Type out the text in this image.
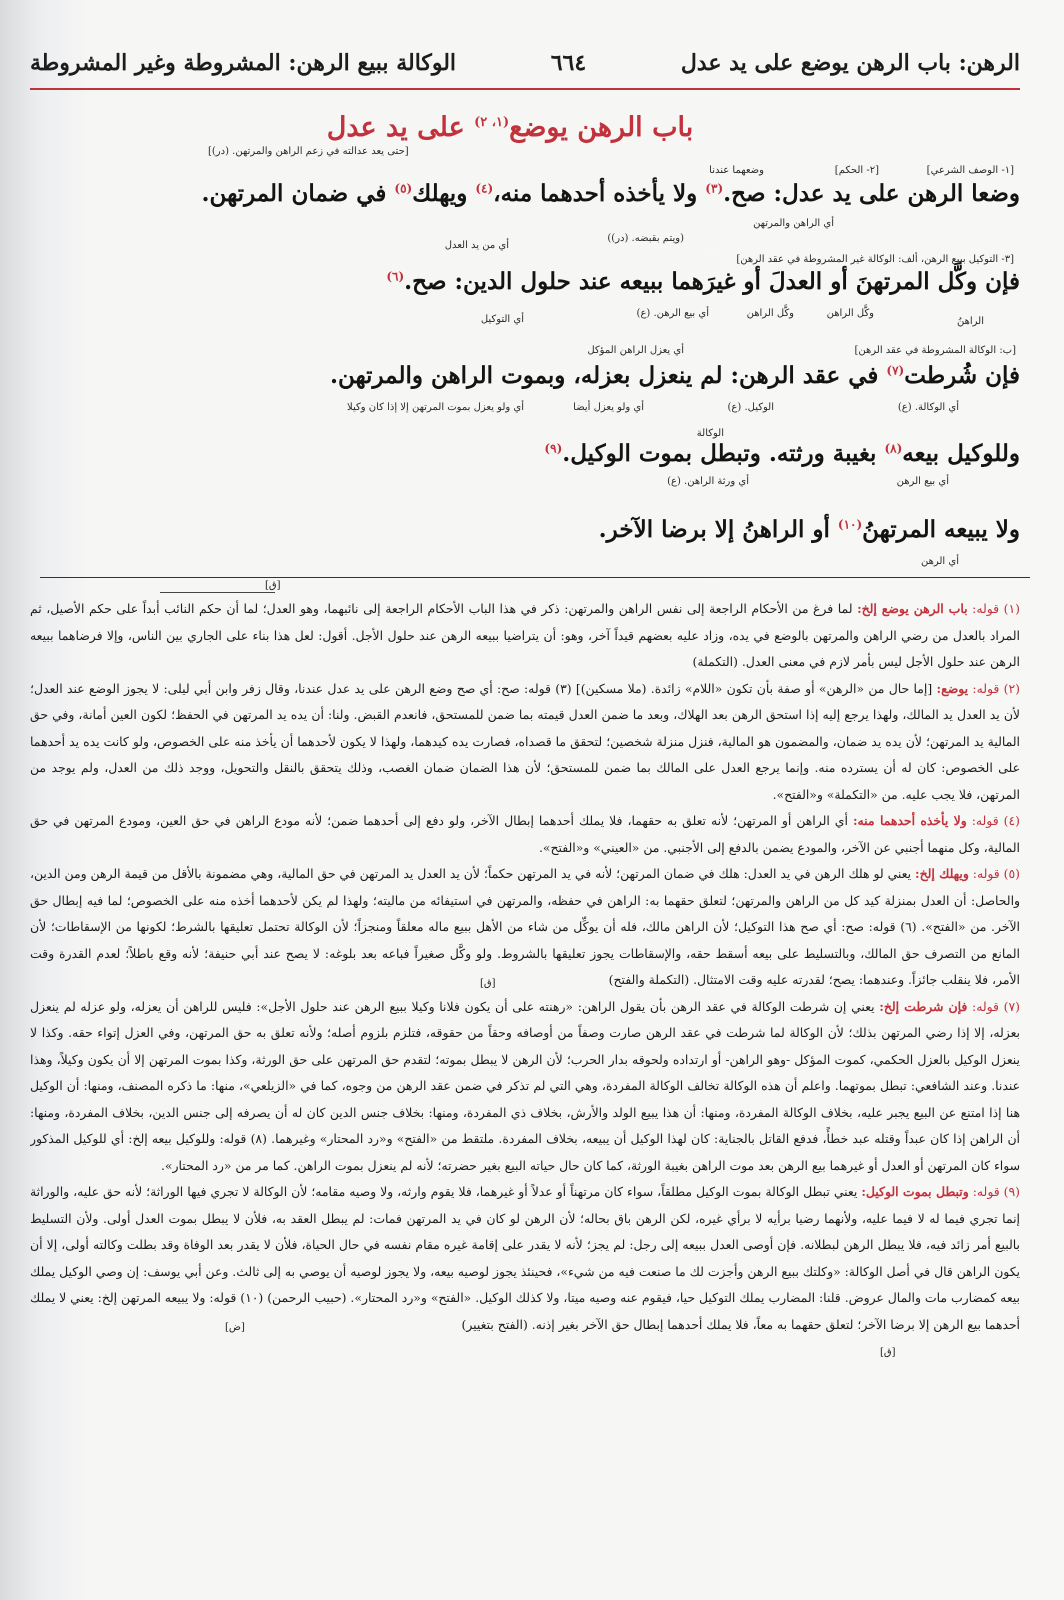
الرهن: باب الرهن يوضع على يد عدل
٦٦٤
الوكالة ببيع الرهن: المشروطة وغير المشروطة
باب الرهن يوضع$^{(١، ٢)}$ على يد عدل
[حتى يعد عدالته في زعم الراهن والمرتهن. (در)]
[١- الوصف الشرعي]
وضعهما عندنا	[٢- الحكم]
وضعا الرهن على يد عدل: صح.$^{(٣)}$ ولا يأخذه أحدهما منه،$^{(٤)}$ ويهلك$^{(٥)}$ في ضمان المرتهن.
أي الراهن والمرتهن
(ويتم بقبضه. (در))
أي من يد العدل
[٣- التوكيل ببيع الرهن، ألف: الوكالة غير المشروطة في عقد الرهن]
فإن وكَّل المرتهنَ أو العدلَ أو غيرَهما ببيعه عند حلول الدين: صح.$^{(٦)}$
الراهنُ
وكَّل الراهن
وكَّل الراهن
أي بيع الرهن. (ع)
أي التوكيل
[ب: الوكالة المشروطة في عقد الرهن]
أي يعزل الراهن المؤكل
فإن شُرطت$^{(٧)}$ في عقد الرهن: لم ينعزل بعزله، وبموت الراهن والمرتهن.
أي الوكالة. (ع)
الوكيل. (ع)
أي ولو يعزل أيضا
أي ولو يعزل بموت المرتهن إلا إذا كان وكيلا
الوكالة
وللوكيل بيعه$^{(٨)}$ بغيبة ورثته. وتبطل بموت الوكيل.$^{(٩)}$
أي بيع الرهن
أي ورثة الراهن. (ع)
ولا يبيعه المرتهنُ$^{(١٠)}$ أو الراهنُ إلا برضا الآخر.
أي الرهن
[ق]

(١) قوله: باب الرهن يوضع إلخ: لما فرغ من الأحكام الراجعة إلى نفس الراهن والمرتهن: ذكر في هذا الباب الأحكام الراجعة إلى نائبهما، وهو العدل؛ لما أن حكم النائب أبداً على حكم الأصيل، ثم المراد بالعدل من رضي الراهن والمرتهن بالوضع في يده، وزاد عليه بعضهم قيداً آخر، وهو: أن يتراضيا ببيعه الرهن عند حلول الأجل. أقول: لعل هذا بناء على الجاري بين الناس، وإلا فرضاهما ببيعه الرهن عند حلول الأجل ليس بأمر لازم في معنى العدل. (التكملة)

(٢) قوله: يوضع: [إما حال من «الرهن» أو صفة بأن تكون «اللام» زائدة. (ملا مسكين)] (٣) قوله: صح: أي صح وضع الرهن على يد عدل عندنا، وقال زفر وابن أبي ليلى: لا يجوز الوضع عند العدل؛ لأن يد العدل يد المالك، ولهذا يرجع إليه إذا استحق الرهن بعد الهلاك، وبعد ما ضمن العدل قيمته بما ضمن للمستحق، فانعدم القبض. ولنا: أن يده يد المرتهن في الحفظ؛ لكون العين أمانة، وفي حق المالية يد المرتهن؛ لأن يده يد ضمان، والمضمون هو المالية، فنزل منزلة شخصين؛ لتحقق ما قصداه، فصارت يده كيدهما، ولهذا لا يكون لأحدهما أن يأخذ منه على الخصوص، ولو كانت يده يد أحدهما على الخصوص: كان له أن يسترده منه. وإنما يرجع العدل على المالك بما ضمن للمستحق؛ لأن هذا الضمان ضمان الغصب، وذلك يتحقق بالنقل والتحويل، ووجد ذلك من العدل، ولم يوجد من المرتهن، فلا يجب عليه. من «التكملة» و«الفتح».

(٤) قوله: ولا يأخذه أحدهما منه: أي الراهن أو المرتهن؛ لأنه تعلق به حقهما، فلا يملك أحدهما إبطال الآخر، ولو دفع إلى أحدهما ضمن؛ لأنه مودع الراهن في حق العين، ومودع المرتهن في حق المالية، وكل منهما أجنبي عن الآخر، والمودع يضمن بالدفع إلى الأجنبي. من «العيني» و«الفتح».

(٥) قوله: ويهلك إلخ: يعني لو هلك الرهن في يد العدل: هلك في ضمان المرتهن؛ لأنه في يد المرتهن حكماً؛ لأن يد العدل يد المرتهن في حق المالية، وهي مضمونة بالأقل من قيمة الرهن ومن الدين، والحاصل: أن العدل بمنزلة كيد كل من الراهن والمرتهن؛ لتعلق حقهما به: الراهن في حفظه، والمرتهن في استيفائه من ماليته؛ ولهذا لم يكن لأحدهما أخذه منه على الخصوص؛ لما فيه إبطال حق الآخر. من «الفتح». (٦) قوله: صح: أي صح هذا التوكيل؛ لأن الراهن مالك، فله أن يوكِّل من شاء من الأهل ببيع ماله معلقاً ومنجزاً؛ لأن الوكالة تحتمل تعليقها بالشرط؛ لكونها من الإسقاطات؛ لأن المانع من التصرف حق المالك، وبالتسليط على بيعه أسقط حقه، والإسقاطات يجوز تعليقها بالشروط. ولو وكَّل صغيراً فباعه بعد بلوغه: لا يصح عند أبي حنيفة؛ لأنه وقع باطلاً؛ لعدم القدرة وقت الأمر، فلا ينقلب جائزاً. وعندهما: يصح؛ لقدرته عليه وقت الامتثال. (التكملة والفتح)

(٧) قوله: فإن شرطت إلخ: يعني إن شرطت الوكالة في عقد الرهن بأن يقول الراهن: «رهنته على أن يكون فلانا وكيلا ببيع الرهن عند حلول الأجل»: فليس للراهن أن يعزله، ولو عزله لم ينعزل بعزله، إلا إذا رضي المرتهن بذلك؛ لأن الوكالة لما شرطت في عقد الرهن صارت وصفاً من أوصافه وحقاً من حقوقه، فتلزم بلزوم أصله؛ ولأنه تعلق به حق المرتهن، وفي العزل إتواء حقه. وكذا لا ينعزل الوكيل بالعزل الحكمي، كموت المؤكل -وهو الراهن- أو ارتداده ولحوقه بدار الحرب؛ لأن الرهن لا يبطل بموته؛ لتقدم حق المرتهن على حق الورثة، وكذا بموت المرتهن إلا أن يكون وكيلاً، وهذا عندنا. وعند الشافعي: تبطل بموتهما. واعلم أن هذه الوكالة تخالف الوكالة المفردة، وهي التي لم تذكر في ضمن عقد الرهن من وجوه، كما في «الزيلعي»، منها: ما ذكره المصنف، ومنها: أن الوكيل هنا إذا امتنع عن البيع يجبر عليه، بخلاف الوكالة المفردة، ومنها: أن هذا يبيع الولد والأرش، بخلاف ذي المفردة، ومنها: بخلاف جنس الدين كان له أن يصرفه إلى جنس الدين، بخلاف المفردة، ومنها: أن الراهن إذا كان عبداً وقتله عبد خطأً، فدفع القاتل بالجناية: كان لهذا الوكيل أن يبيعه، بخلاف المفردة. ملتقط من «الفتح» و«رد المحتار» وغيرهما. (٨) قوله: وللوكيل بيعه إلخ: أي للوكيل المذكور سواء كان المرتهن أو العدل أو غيرهما بيع الرهن بعد موت الراهن بغيبة الورثة، كما كان حال حياته البيع بغير حضرته؛ لأنه لم ينعزل بموت الراهن. كما مر من «رد المحتار».

(٩) قوله: وتبطل بموت الوكيل: يعني تبطل الوكالة بموت الوكيل مطلقاً، سواء كان مرتهناً أو عدلاً أو غيرهما، فلا يقوم وارثه، ولا وصيه مقامه؛ لأن الوكالة لا تجري فيها الوراثة؛ لأنه حق عليه، والوراثة إنما تجري فيما له لا فيما عليه، ولأنهما رضيا برأيه لا برأي غيره، لكن الرهن باق بحاله؛ لأن الرهن لو كان في يد المرتهن فمات: لم يبطل العقد به، فلأن لا يبطل بموت العدل أولى. ولأن التسليط بالبيع أمر زائد فيه، فلا يبطل الرهن لبطلانه. فإن أوصى العدل ببيعه إلى رجل: لم يجز؛ لأنه لا يقدر على إقامة غيره مقام نفسه في حال الحياة، فلأن لا يقدر بعد الوفاة وقد بطلت وكالته أولى، إلا أن يكون الراهن قال في أصل الوكالة: «وكلتك ببيع الرهن وأجزت لك ما صنعت فيه من شيء»، فحينئذ يجوز لوصيه بيعه، ولا يجوز لوصيه أن يوصي به إلى ثالث. وعن أبي يوسف: إن وصي الوكيل يملك بيعه كمضارب مات والمال عروض. قلنا: المضارب يملك التوكيل حيا، فيقوم عنه وصيه ميتا، ولا كذلك الوكيل. «الفتح» و«رد المحتار». (حبيب الرحمن) (١٠) قوله: ولا يبيعه المرتهن إلخ: يعني لا يملك أحدهما بيع الرهن إلا برضا الآخر؛ لتعلق حقهما به معاً، فلا يملك أحدهما إبطال حق الآخر بغير إذنه. (الفتح بتغيير)

[ق]
[ض]
[ق]
